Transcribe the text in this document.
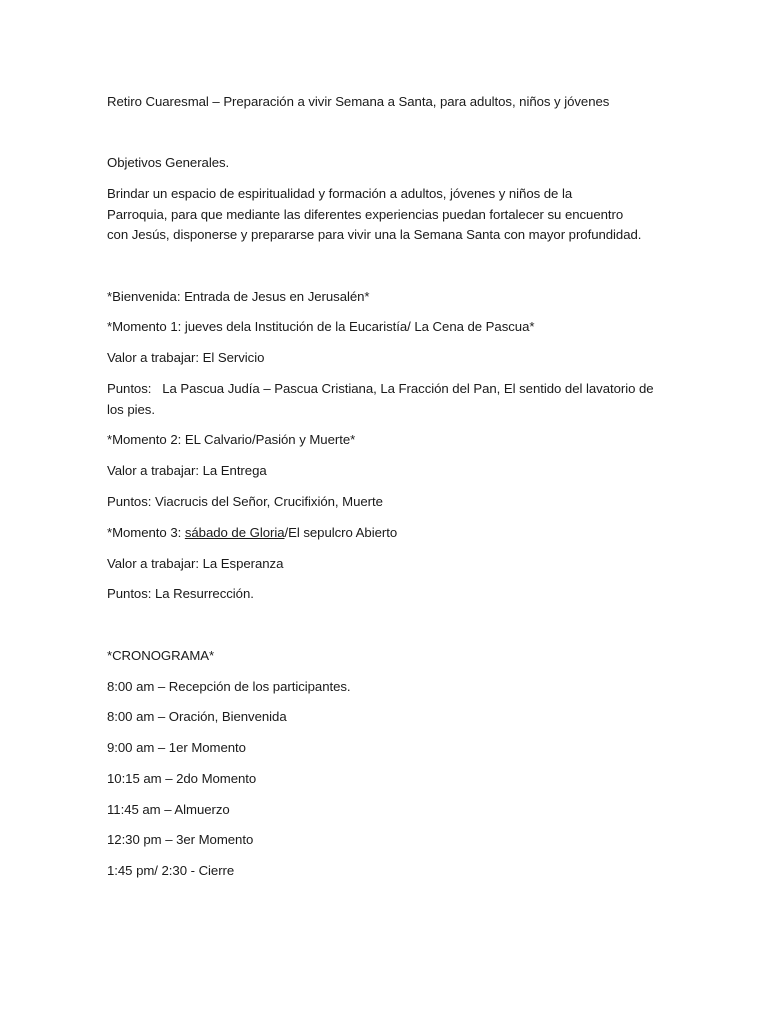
Retiro Cuaresmal – Preparación a vivir Semana a Santa, para adultos, niños y jóvenes
Objetivos Generales.
Brindar un espacio de espiritualidad y formación a adultos, jóvenes y niños de la
Parroquia, para que mediante las diferentes experiencias puedan fortalecer su encuentro
con Jesús, disponerse y prepararse para vivir una la Semana Santa con mayor profundidad.
*Bienvenida: Entrada de Jesus en Jerusalén*
*Momento 1: jueves dela Institución de la Eucaristía/ La Cena de Pascua*
Valor a trabajar: El Servicio
Puntos:   La Pascua Judía – Pascua Cristiana, La Fracción del Pan, El sentido del lavatorio de
los pies.
*Momento 2: EL Calvario/Pasión y Muerte*
Valor a trabajar: La Entrega
Puntos: Viacrucis del Señor, Crucifixión, Muerte
*Momento 3: sábado de Gloria/El sepulcro Abierto
Valor a trabajar: La Esperanza
Puntos: La Resurrección.
*CRONOGRAMA*
8:00 am – Recepción de los participantes.
8:00 am – Oración, Bienvenida
9:00 am – 1er Momento
10:15 am – 2do Momento
11:45 am – Almuerzo
12:30 pm – 3er Momento
1:45 pm/ 2:30 - Cierre
